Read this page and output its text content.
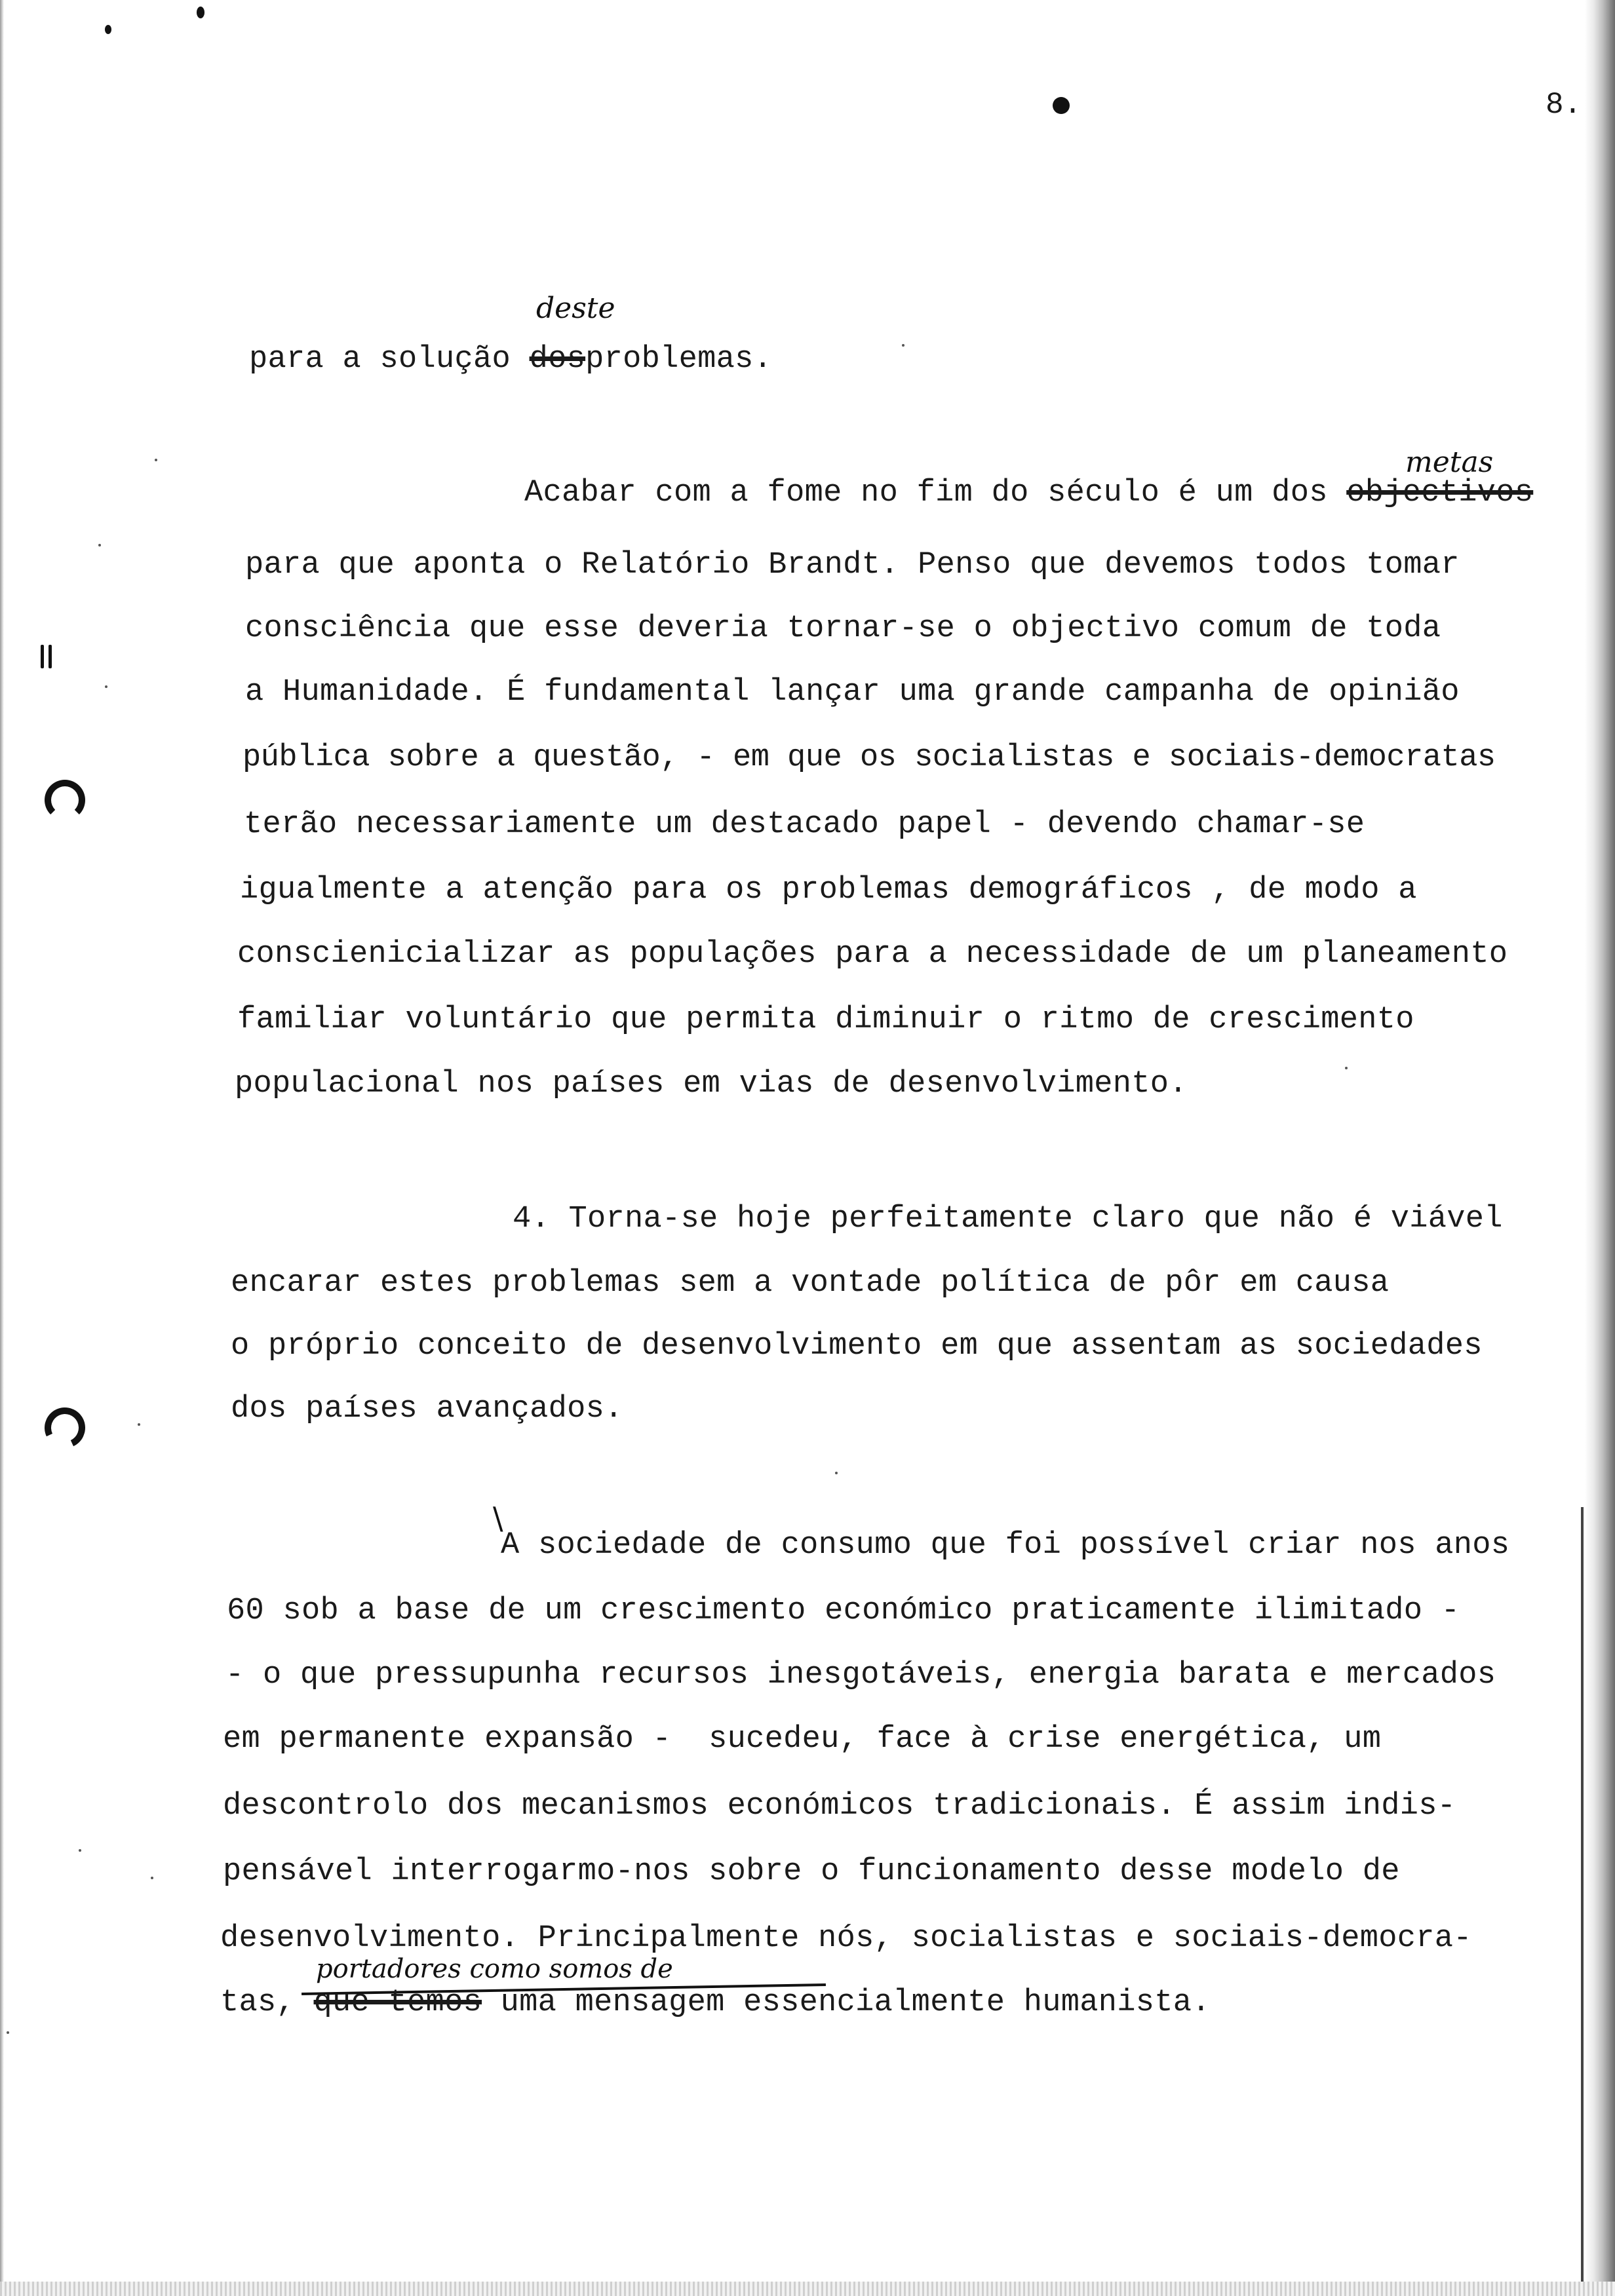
8.
deste
para a solução dosproblemas.
metas
Acabar com a fome no fim do século é um dos objectivos
para que aponta o Relatório Brandt. Penso que devemos todos tomar
consciência que esse deveria tornar-se o objectivo comum de toda
a Humanidade. É fundamental lançar uma grande campanha de opinião
pública sobre a questão, - em que os socialistas e sociais-democratas
terão necessariamente um destacado papel - devendo chamar-se
igualmente a atenção para os problemas demográficos , de modo a
conscienicializar as populações para a necessidade de um planeamento
familiar voluntário que permita diminuir o ritmo de crescimento
populacional nos países em vias de desenvolvimento.
4. Torna-se hoje perfeitamente claro que não é viável
encarar estes problemas sem a vontade política de pôr em causa
o próprio conceito de desenvolvimento em que assentam as sociedades
dos países avançados.
\
A sociedade de consumo que foi possível criar nos anos
60 sob a base de um crescimento económico praticamente ilimitado -
- o que pressupunha recursos inesgotáveis, energia barata e mercados
em permanente expansão -  sucedeu, face à crise energética, um
descontrolo dos mecanismos económicos tradicionais. É assim indis-
pensável interrogarmo-nos sobre o funcionamento desse modelo de
desenvolvimento. Principalmente nós, socialistas e sociais-democra-
portadores como somos de
tas, que temos uma mensagem essencialmente humanista.
